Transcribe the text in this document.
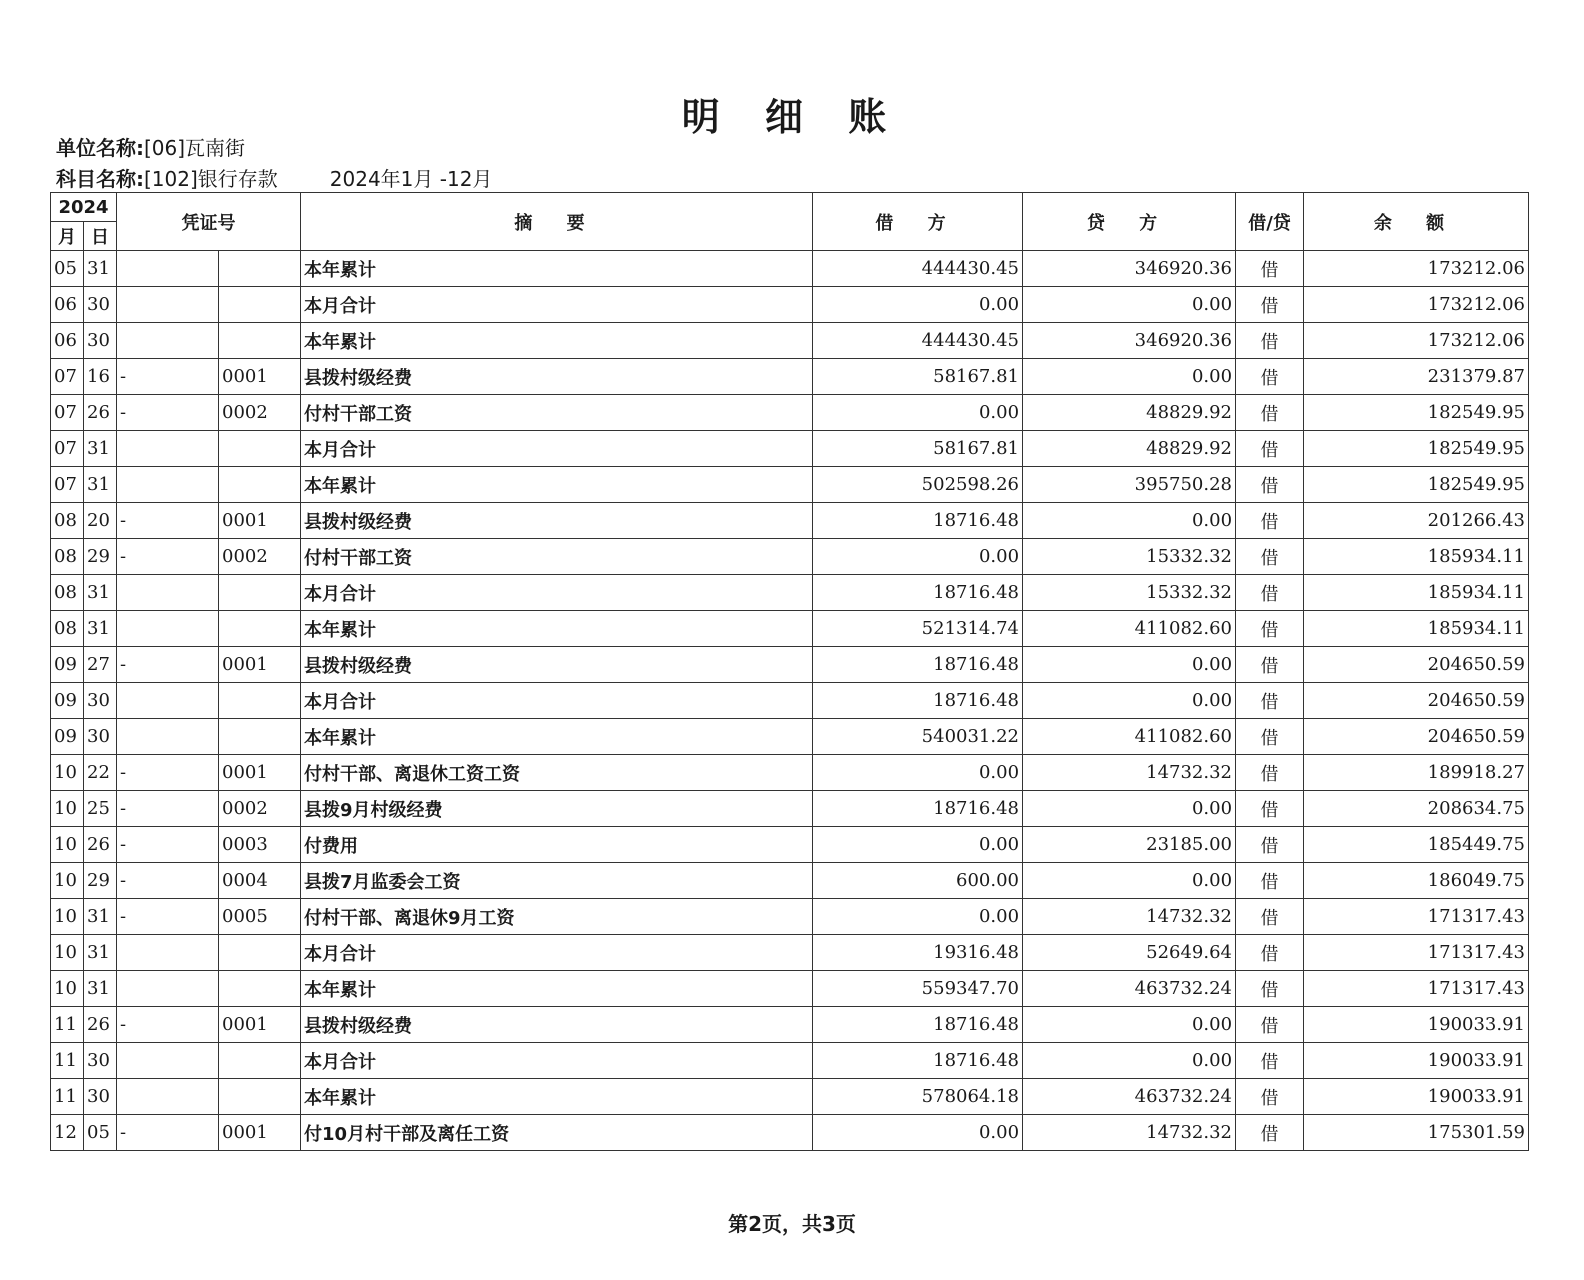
明 细 账
单位名称:[06]瓦南街
科目名称:[102]银行存款	2024年1月 -12月
2024		凭证号		摘 要	借 方	贷 方	借/贷	余 额
月	日							
05	31			本年累计	444430.45	346920.36	借	173212.06
06	30			本月合计	0.00	0.00	借	173212.06
06	30			本年累计	444430.45	346920.36	借	173212.06
07	16	-	0001	县拨村级经费	58167.81	0.00	借	231379.87
07	26	-	0002	付村干部工资	0.00	48829.92	借	182549.95
07	31			本月合计	58167.81	48829.92	借	182549.95
07	31			本年累计	502598.26	395750.28	借	182549.95
08	20	-	0001	县拨村级经费	18716.48	0.00	借	201266.43
08	29	-	0002	付村干部工资	0.00	15332.32	借	185934.11
08	31			本月合计	18716.48	15332.32	借	185934.11
08	31			本年累计	521314.74	411082.60	借	185934.11
09	27	-	0001	县拨村级经费	18716.48	0.00	借	204650.59
09	30			本月合计	18716.48	0.00	借	204650.59
09	30			本年累计	540031.22	411082.60	借	204650.59
10	22	-	0001	付村干部、离退休工资工资	0.00	14732.32	借	189918.27
10	25	-	0002	县拨9月村级经费	18716.48	0.00	借	208634.75
10	26	-	0003	付费用	0.00	23185.00	借	185449.75
10	29	-	0004	县拨7月监委会工资	600.00	0.00	借	186049.75
10	31	-	0005	付村干部、离退休9月工资	0.00	14732.32	借	171317.43
10	31			本月合计	19316.48	52649.64	借	171317.43
10	31			本年累计	559347.70	463732.24	借	171317.43
11	26	-	0001	县拨村级经费	18716.48	0.00	借	190033.91
11	30			本月合计	18716.48	0.00	借	190033.91
11	30			本年累计	578064.18	463732.24	借	190033.91
12	05	-	0001	付10月村干部及离任工资	0.00	14732.32	借	175301.59
第2页，共3页
